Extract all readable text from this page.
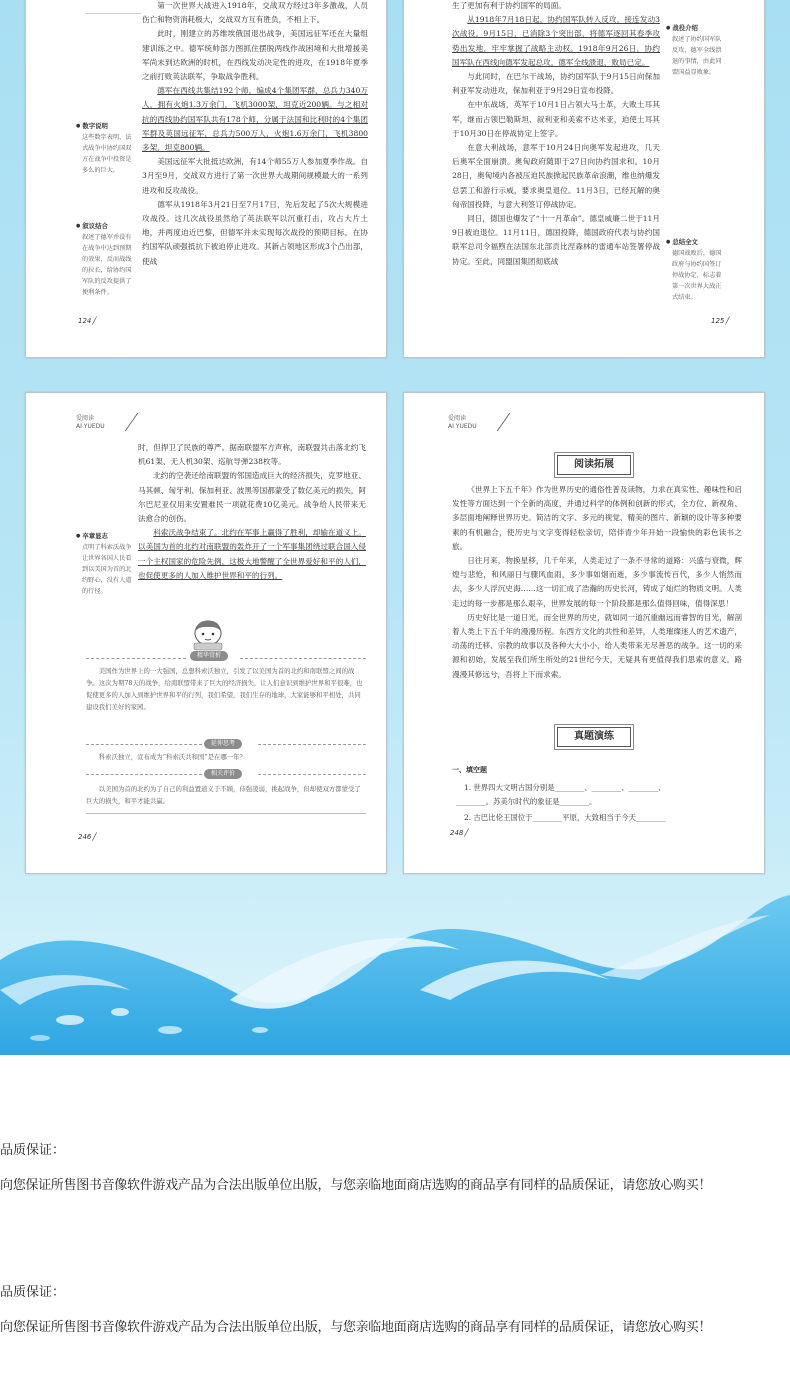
● 数字说明
这些数字表明，法式战争中协约国双方在战争中投资是多么的巨大。
● 叙议结合
叙述了德军并没有在战争中达到预期的效果，反而战线的拉长，给协约国军队的反攻提供了便利条件。

第一次世界大战进入1918年，交战双方经过3年多激战，人员伤亡和物资消耗极大，交战双方互有胜负，不相上下。

此时，刚建立的苏维埃俄国退出战争，美国远征军还在大量组建训练之中。德军统帅部力图抓住摆脱两线作战困境和大批增援美军尚未到达欧洲的时机，在西线发动决定性的进攻，在1918年夏季之前打败英法联军，争取战争胜利。

德军在西线共集结192个师，编成4个集团军群，总兵力340万人，拥有火炮1.3万余门，飞机3000架，坦克近200辆。与之相对抗的西线协约国军队共有178个师，分属于法国和比利时的4个集团军群及英国远征军，总兵力500万人，火炮1.6万余门，飞机3800多架，坦克800辆。

美国远征军大批抵达欧洲，有14个师55万人参加夏季作战。自3月至9月，交战双方进行了第一次世界大战期间规模最大的一系列进攻和反攻战役。

德军从1918年3月21日至7月17日，先后发起了5次大规模进攻战役。这几次战役虽然给了英法联军以沉重打击，攻占大片土地，并两度迫近巴黎，但德军并未实现每次战役的预期目标，在协约国军队顽强抵抗下被迫停止进攻。其新占领地区形成3个凸出部，使战

124 ╱

生了更加有利于协约国军的局面。

从1918年7月18日起，协约国军队转入反攻，接连发动3次战役。9月15日，已消除3个突出部，将德军逐回其春季攻势出发地，牢牢掌握了战略主动权。1918年9月26日，协约国军队在西线向德军发起总攻，德军全线溃退，败局已定。

与此同时，在巴尔干战场，协约国军队于9月15日向保加利亚军发动进攻，保加利亚于9月29日宣布投降。

在中东战场，英军于10月1日占领大马士革，大败土耳其军，继而占领巴勒斯坦、叙利亚和美索不达米亚，迫使土耳其于10月30日在停战协定上签字。

在意大利战场，意军于10月24日向奥军发起进攻，几天后奥军全面崩溃。奥匈政府随即于27日向协约国求和。10月28日，奥匈境内各被压迫民族掀起民族革命浪潮，维也纳爆发总罢工和游行示威，要求奥皇退位。11月3日，已经瓦解的奥匈帝国投降，与意大利签订停战协定。

同日，德国也爆发了“十一月革命”。德皇威廉二世于11月9日被迫退位。11月11日，德国投降，德国政府代表与协约国联军总司令福煦在法国东北部贡比涅森林的雷通车站签署停战协定。至此，同盟国集团彻底战

● 战役介绍
叙述了协约国军队反攻，德军全线溃退的事情，由此同盟国益显败象。
● 总结全文
德国战败后，德国政府与协约国签订停战协定，标志着第一次世界大战正式结束。
125 ╱
爱阅读
AI YUEDU

时，但捍卫了民族的尊严。据南联盟军方声称，南联盟共击落北约飞机61架、无人机30架、巡航导弹238枚等。

北约的空袭还给南联盟的邻国造成巨大的经济损失，克罗地亚、马其顿、匈牙利、保加利亚、波黑等国都蒙受了数亿美元的损失，阿尔巴尼亚仅用来安置难民一项就花费10亿美元。战争给人民带来无法愈合的创伤。

科索沃战争结束了。北约在军事上赢得了胜利，却输在道义上。以美国为首的北约对南联盟的轰炸开了一个军事集团绕过联合国入侵一个主权国家的危险先例，这极大地警醒了全世界爱好和平的人们，也促使更多的人加入维护世界和平的行列。

● 卒章显志
点明了科索沃战争让世界各国人民看到以美国为首的北约野心，没有人道的行径。
精华赏析

美国作为世界上的一大强国，总想科索沃独立，引发了以美国为首的北约和南联盟之间的战争。这次为期78天的战争，给南联盟带来了巨大的经济损失，让人们意识到维护世界和平很难，也促使更多的人加入到维护世界和平的行列，我们希望，我们生存的地球，大家能够和平相处，共同建设我们美好的家园。

延伸思考

科索沃独立，宣布成为“科索沃共和国”是在哪一年？

相关评价

以美国为首的北约为了自己的利益置道义于不顾，侍强凌弱，挑起战争，但却使双方都蒙受了巨大的损失，和平才能共赢。

246 ╱
爱阅读
AI YUEDU
阅读拓展

《世界上下五千年》作为世界历史的通俗性普及读物，力求在真实性、趣味性和启发性等方面达到一个全新的高度，并通过科学的体例和创新的形式，全方位、新视角、多层面地阐释世界历史。简洁的文字、多元的视觉、精美的图片、新颖的设计等多种要素的有机融合，使历史与文字变得轻松亲切，陪伴青少年开始一段愉快的彩色读书之旅。

日往月来，物换星移，几千年来，人类走过了一条不寻常的道路：兴盛与衰微，辉煌与悲怆，和风丽日与骤风血雨，多少事如烟而逝，多少事流传百代，多少人悄然而去，多少人浮沉史海……这一切汇成了浩瀚的历史长河，铸成了灿烂的物质文明。人类走过的每一步都是那么艰辛，世界发展的每一个阶段都是那么值得回味，值得深思！

历史好比是一道日光，而全世界的历史，就如同一道沉重幽远而睿智的目光，解剖着人类上下五千年的漫漫历程。东西方文化的共性和差异，人类璀璨迷人的艺术遗产，动荡的迁移、宗教的故事以及各种大大小小，给人类带来无尽善恶的战争。这一切的来源和初始，发展至我们所生所处的21世纪今天，无疑具有更值得我们思索的意义。路漫漫其修远兮，吾将上下而求索。

真题演练
一、填空题
1. 世界四大文明古国分别是________、________、________、
________。苏美尔时代的象征是________。
2. 古巴比伦王国位于________平原，大致相当于今天________
248 ╱
品质保证：
向您保证所售图书音像软件游戏产品为合法出版单位出版，与您亲临地面商店选购的商品享有同样的品质保证，请您放心购买！
品质保证：
向您保证所售图书音像软件游戏产品为合法出版单位出版，与您亲临地面商店选购的商品享有同样的品质保证，请您放心购买！
